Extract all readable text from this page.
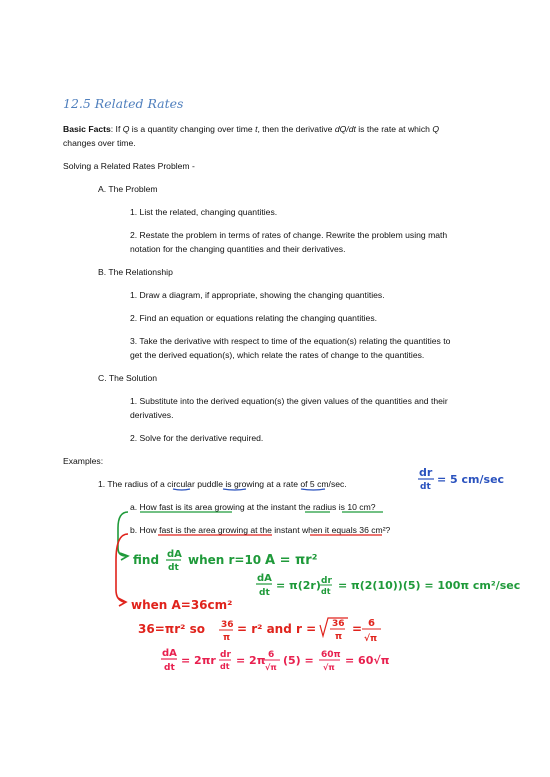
12.5 Related Rates
Basic Facts: If Q is a quantity changing over time t, then the derivative dQ/dt is the rate at which Q
changes over time.
Solving a Related Rates Problem -
A. The Problem
1. List the related, changing quantities.
2. Restate the problem in terms of rates of change. Rewrite the problem using math
notation for the changing quantities and their derivatives.
B. The Relationship
1. Draw a diagram, if appropriate, showing the changing quantities.
2. Find an equation or equations relating the changing quantities.
3. Take the derivative with respect to time of the equation(s) relating the quantities to
get the derived equation(s), which relate the rates of change to the quantities.
C. The Solution
1. Substitute into the derived equation(s) the given values of the quantities and their
derivatives.
2. Solve for the derivative required.
Examples:
1. The radius of a circular puddle is growing at a rate of 5 cm/sec.
a. How fast is its area growing at the instant the radius is 10 cm?
b. How fast is the area growing at the instant when it equals 36 cm²?
dr
dt
= 5 cm/sec
find dA
dt
when r=10 A = πr²
dA
dt
= π(2r) dr
dt = π(2(10))(5) = 100π cm²/sec
when A=36cm²
36=πr² so 36
π
= r² and r = 36
π
= 6
√π
dA
dt
= 2πr dr
dt = 2π 6
√π
(5) = 60π
√π
= 60√π
